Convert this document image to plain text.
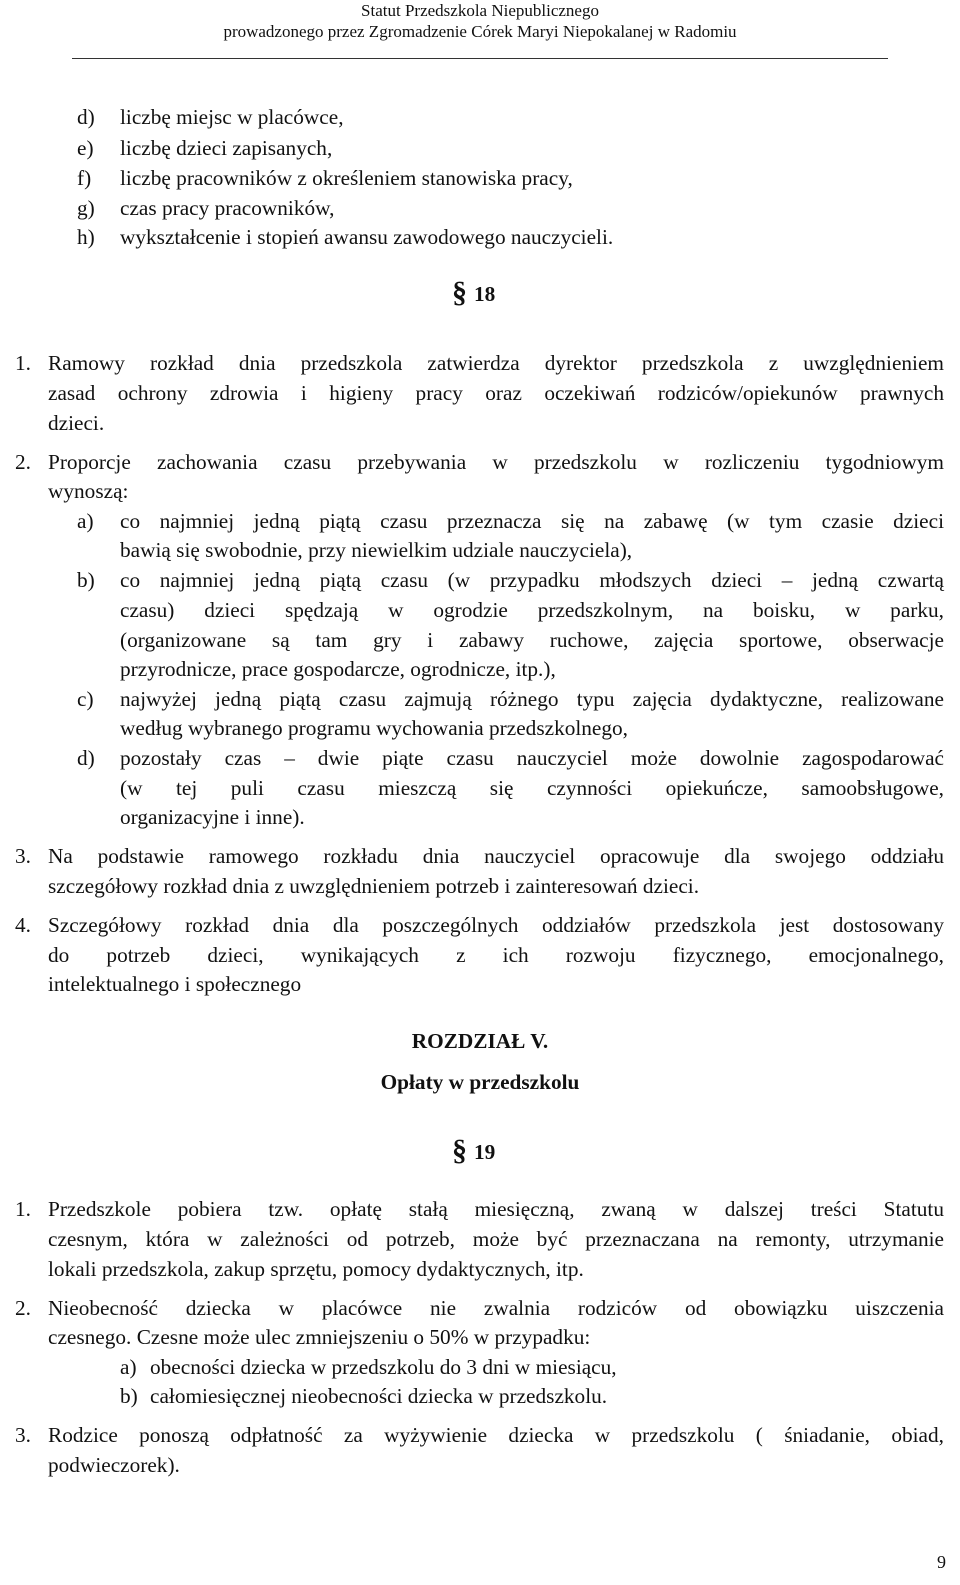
Statut Przedszkola Niepublicznego
prowadzonego przez Zgromadzenie Córek Maryi Niepokalanej w Radomiu
d) liczbę miejsc w placówce,
e) liczbę dzieci zapisanych,
f) liczbę pracowników z określeniem stanowiska pracy,
g) czas pracy pracowników,
h) wykształcenie i stopień awansu zawodowego nauczycieli.
§ 18
1. Ramowy rozkład dnia przedszkola zatwierdza dyrektor przedszkola z uwzględnieniem
zasad ochrony zdrowia i higieny pracy oraz oczekiwań rodziców/opiekunów prawnych
dzieci.
2. Proporcje zachowania czasu przebywania w przedszkolu w rozliczeniu tygodniowym
wynoszą:
a) co najmniej jedną piątą czasu przeznacza się na zabawę (w tym czasie dzieci
bawią się swobodnie, przy niewielkim udziale nauczyciela),
b) co najmniej jedną piątą czasu (w przypadku młodszych dzieci – jedną czwartą
czasu) dzieci spędzają w ogrodzie przedszkolnym, na boisku, w parku,
(organizowane są tam gry i zabawy ruchowe, zajęcia sportowe, obserwacje
przyrodnicze, prace gospodarcze, ogrodnicze, itp.),
c) najwyżej jedną piątą czasu zajmują różnego typu zajęcia dydaktyczne, realizowane
według wybranego programu wychowania przedszkolnego,
d) pozostały czas – dwie piąte czasu nauczyciel może dowolnie zagospodarować
(w tej puli czasu mieszczą się czynności opiekuńcze, samoobsługowe,
organizacyjne i inne).
3. Na podstawie ramowego rozkładu dnia nauczyciel opracowuje dla swojego oddziału
szczegółowy rozkład dnia z uwzględnieniem potrzeb i zainteresowań dzieci.
4. Szczegółowy rozkład dnia dla poszczególnych oddziałów przedszkola jest dostosowany
do potrzeb dzieci, wynikających z ich rozwoju fizycznego, emocjonalnego,
intelektualnego i społecznego
ROZDZIAŁ V.
Opłaty w przedszkolu
§ 19
1. Przedszkole pobiera tzw. opłatę stałą miesięczną, zwaną w dalszej treści Statutu
czesnym, która w zależności od potrzeb, może być przeznaczana na remonty, utrzymanie
lokali przedszkola, zakup sprzętu, pomocy dydaktycznych, itp.
2. Nieobecność dziecka w placówce nie zwalnia rodziców od obowiązku uiszczenia
czesnego. Czesne może ulec zmniejszeniu o 50% w przypadku:
a) obecności dziecka w przedszkolu do 3 dni w miesiącu,
b) całomiesięcznej nieobecności dziecka w przedszkolu.
3. Rodzice ponoszą odpłatność za wyżywienie dziecka w przedszkolu ( śniadanie, obiad,
podwieczorek).
9
